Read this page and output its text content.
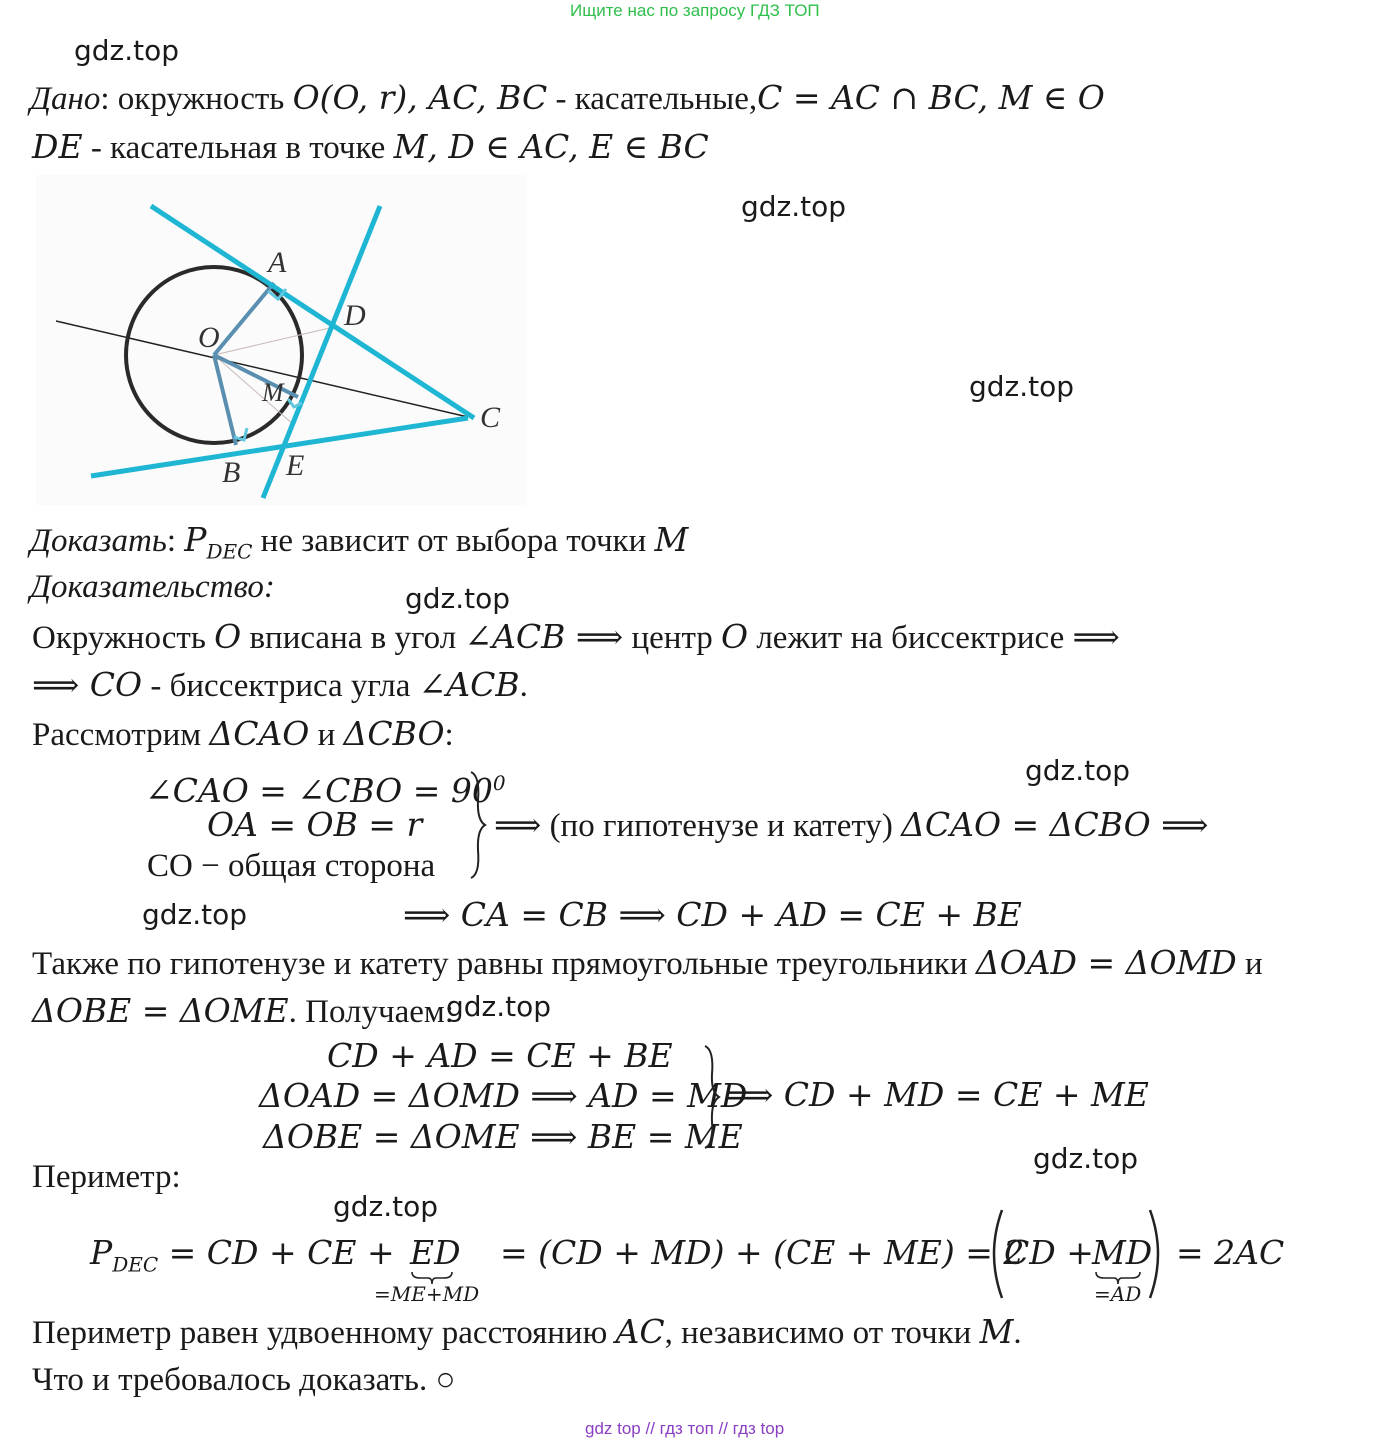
Ищите нас по запросу ГДЗ ТОП
gdz.top
gdz.top
gdz.top
gdz.top
gdz.top
gdz.top
gdz.top
gdz.top
gdz.top
Дано: окружность O(O, r), AC, BC - касательные,C = AC ∩ BC, M ∈ O
DE - касательная в точке M, D ∈ AC, E ∈ BC
A
D
O
M
C
B E
Доказать: $P_{DEC}$ не зависит от выбора точки M
Доказательство:
Окружность O вписана в угол ∠ACB ⟹ центр O лежит на биссектрисе ⟹
⟹ CO - биссектриса угла ∠ACB.
Рассмотрим ΔCAO и ΔCBO:
∠CAO = ∠CBO = $90^0$
OA = OB = r
CO − общая сторона
⟹ (по гипотенузе и катету) ΔCAO = ΔCBO ⟹
⟹ CA = CB ⟹ CD + AD = CE + BE
Также по гипотенузе и катету равны прямоугольные треугольники ΔOAD = ΔOMD и
ΔOBE = ΔOME. Получаем:
CD + AD = CE + BE
ΔOAD = ΔOMD ⟹ AD = MD
ΔOBE = ΔOME ⟹ BE = ME
⟹ CD + MD = CE + ME
Периметр:
$P_{DEC}$ = CD + CE + ED
=ME+MD
= (CD + MD) + (CE + ME) = 2
CD +
MD
=AD
= 2AC
Периметр равен удвоенному расстоянию AC, независимо от точки M.
Что и требовалось доказать. ○
gdz top // гдз топ // гдз top
